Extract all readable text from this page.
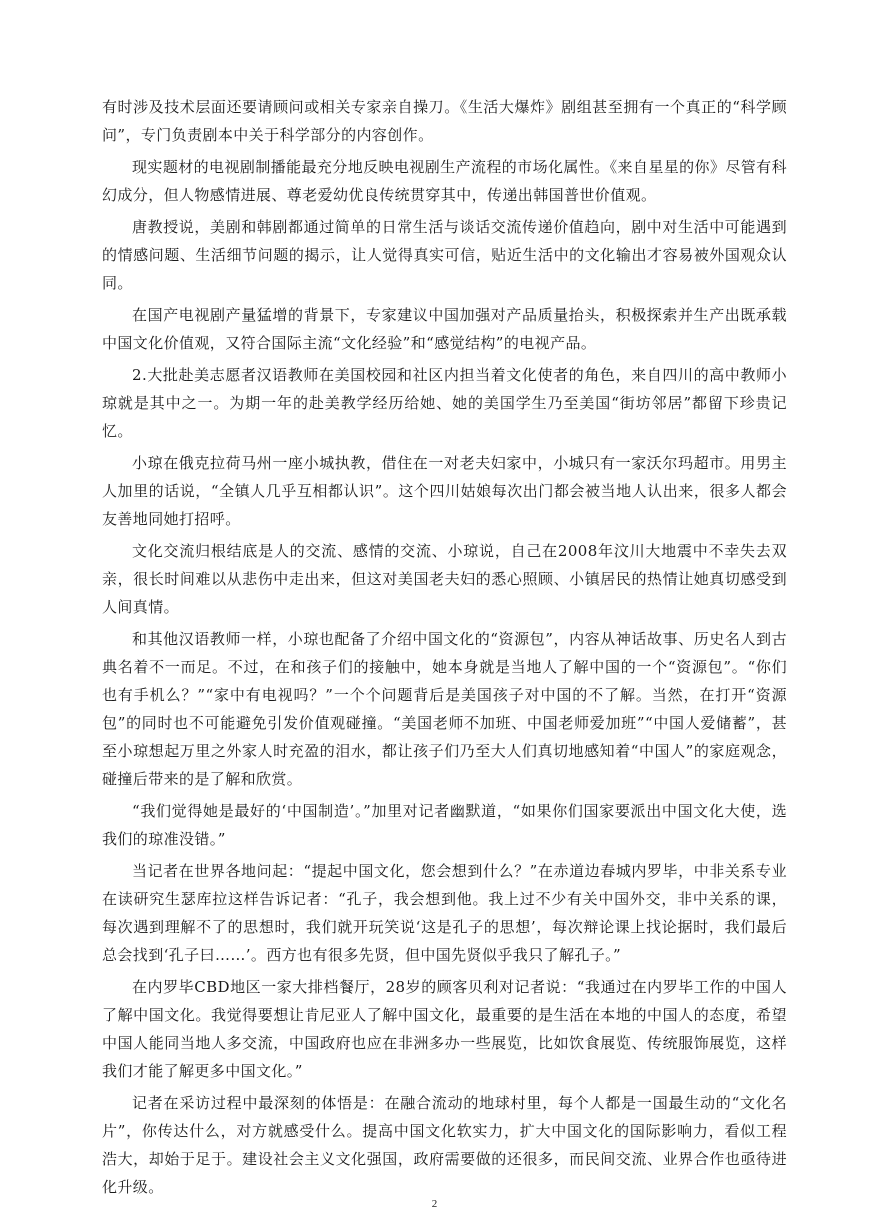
有时涉及技术层面还要请顾问或相关专家亲自操刀。《生活大爆炸》剧组甚至拥有一个真正的“科学顾问”，专门负责剧本中关于科学部分的内容创作。

现实题材的电视剧制播能最充分地反映电视剧生产流程的市场化属性。《来自星星的你》尽管有科幻成分，但人物感情进展、尊老爱幼优良传统贯穿其中，传递出韩国普世价值观。

唐教授说，美剧和韩剧都通过简单的日常生活与谈话交流传递价值趋向，剧中对生活中可能遇到的情感问题、生活细节问题的揭示，让人觉得真实可信，贴近生活中的文化输出才容易被外国观众认同。

在国产电视剧产量猛增的背景下，专家建议中国加强对产品质量抬头，积极探索并生产出既承载中国文化价值观，又符合国际主流“文化经验”和“感觉结构”的电视产品。

2.大批赴美志愿者汉语教师在美国校园和社区内担当着文化使者的角色，来自四川的高中教师小琼就是其中之一。为期一年的赴美教学经历给她、她的美国学生乃至美国“街坊邻居”都留下珍贵记忆。

小琼在俄克拉荷马州一座小城执教，借住在一对老夫妇家中，小城只有一家沃尔玛超市。用男主人加里的话说，“全镇人几乎互相都认识”。这个四川姑娘每次出门都会被当地人认出来，很多人都会友善地同她打招呼。

文化交流归根结底是人的交流、感情的交流、小琼说，自己在2008年汶川大地震中不幸失去双亲，很长时间难以从悲伤中走出来，但这对美国老夫妇的悉心照顾、小镇居民的热情让她真切感受到人间真情。

和其他汉语教师一样，小琼也配备了介绍中国文化的“资源包”，内容从神话故事、历史名人到古典名着不一而足。不过，在和孩子们的接触中，她本身就是当地人了解中国的一个“资源包”。“你们也有手机么？”“家中有电视吗？”一个个问题背后是美国孩子对中国的不了解。当然，在打开“资源包”的同时也不可能避免引发价值观碰撞。“美国老师不加班、中国老师爱加班”“中国人爱储蓄”，甚至小琼想起万里之外家人时充盈的泪水，都让孩子们乃至大人们真切地感知着“中国人”的家庭观念，碰撞后带来的是了解和欣赏。

“我们觉得她是最好的‘中国制造’。”加里对记者幽默道，“如果你们国家要派出中国文化大使，选我们的琼准没错。”

当记者在世界各地问起：“提起中国文化，您会想到什么？”在赤道边春城内罗毕，中非关系专业在读研究生瑟库拉这样告诉记者：“孔子，我会想到他。我上过不少有关中国外交，非中关系的课，每次遇到理解不了的思想时，我们就开玩笑说‘这是孔子的思想’，每次辩论课上找论据时，我们最后总会找到‘孔子曰……’。西方也有很多先贤，但中国先贤似乎我只了解孔子。”

在内罗毕CBD地区一家大排档餐厅，28岁的顾客贝利对记者说：“我通过在内罗毕工作的中国人了解中国文化。我觉得要想让肯尼亚人了解中国文化，最重要的是生活在本地的中国人的态度，希望中国人能同当地人多交流，中国政府也应在非洲多办一些展览，比如饮食展览、传统服饰展览，这样我们才能了解更多中国文化。”

记者在采访过程中最深刻的体悟是：在融合流动的地球村里，每个人都是一国最生动的“文化名片”，你传达什么，对方就感受什么。提高中国文化软实力，扩大中国文化的国际影响力，看似工程浩大，却始于足于。建设社会主义文化强国，政府需要做的还很多，而民间交流、业界合作也亟待进化升级。

2
